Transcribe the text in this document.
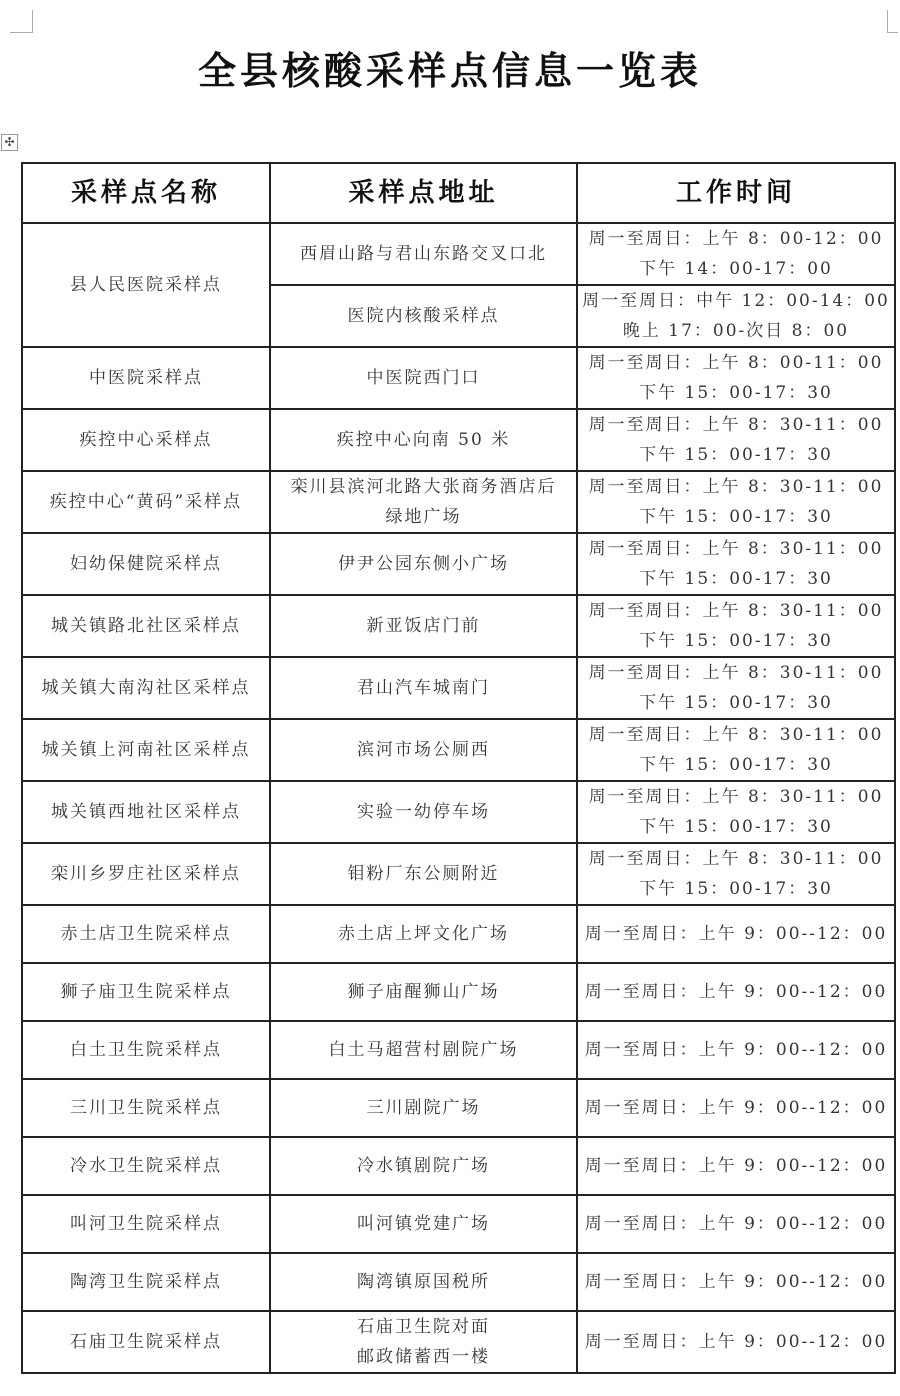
✣
全县核酸采样点信息一览表
采样点名称	采样点地址	工作时间
县人民医院采样点	西眉山路与君山东路交叉口北	周一至周日：上午 8：00-12：00
下午 14：00-17：00

	医院内核酸采样点	周一至周日：中午 12：00-14：00
晚上 17：00-次日 8：00

中医院采样点	中医院西门口	周一至周日：上午 8：00-11：00
下午 15：00-17：30

疾控中心采样点	疾控中心向南 50 米	周一至周日：上午 8：30-11：00
下午 15：00-17：30

疾控中心“黄码”采样点	栾川县滨河北路大张商务酒店后
绿地广场	周一至周日：上午 8：30-11：00
下午 15：00-17：30

妇幼保健院采样点	伊尹公园东侧小广场	周一至周日：上午 8：30-11：00
下午 15：00-17：30

城关镇路北社区采样点	新亚饭店门前	周一至周日：上午 8：30-11：00
下午 15：00-17：30

城关镇大南沟社区采样点	君山汽车城南门	周一至周日：上午 8：30-11：00
下午 15：00-17：30

城关镇上河南社区采样点	滨河市场公厕西	周一至周日：上午 8：30-11：00
下午 15：00-17：30

城关镇西地社区采样点	实验一幼停车场	周一至周日：上午 8：30-11：00
下午 15：00-17：30

栾川乡罗庄社区采样点	钼粉厂东公厕附近	周一至周日：上午 8：30-11：00
下午 15：00-17：30

赤土店卫生院采样点	赤土店上坪文化广场	周一至周日：上午 9：00--12：00

狮子庙卫生院采样点	狮子庙醒狮山广场	周一至周日：上午 9：00--12：00

白土卫生院采样点	白土马超营村剧院广场	周一至周日：上午 9：00--12：00

三川卫生院采样点	三川剧院广场	周一至周日：上午 9：00--12：00

冷水卫生院采样点	冷水镇剧院广场	周一至周日：上午 9：00--12：00

叫河卫生院采样点	叫河镇党建广场	周一至周日：上午 9：00--12：00

陶湾卫生院采样点	陶湾镇原国税所	周一至周日：上午 9：00--12：00

石庙卫生院采样点	石庙卫生院对面
邮政储蓄西一楼	周一至周日：上午 9：00--12：00
